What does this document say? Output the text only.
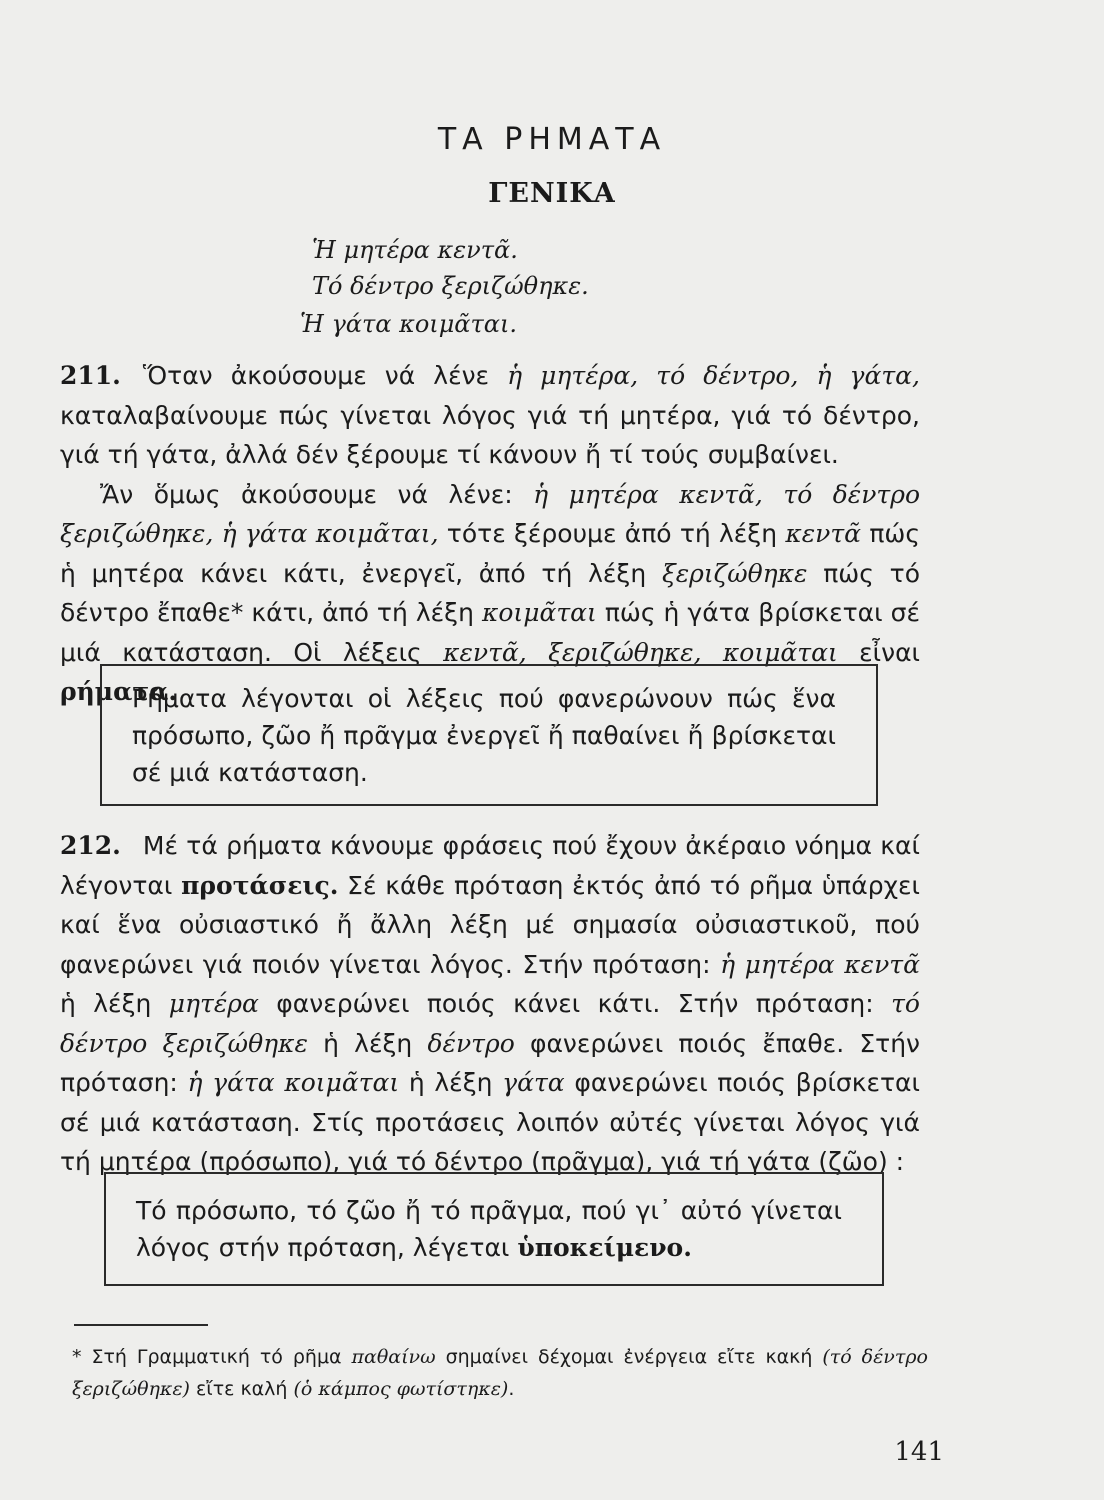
ΤΑ ΡΗΜΑΤΑ
ΓΕΝΙΚΑ
Ἡ μητέρα κεντᾶ.
Τό δέντρο ξεριζώθηκε.
Ἡ γάτα κοιμᾶται.

211. Ὅταν ἀκούσουμε νά λένε ἡ μητέρα, τό δέντρο, ἡ γάτα, καταλαβαίνουμε πώς γίνεται λόγος γιά τή μητέρα, γιά τό δέντρο, γιά τή γάτα, ἀλλά δέν ξέρουμε τί κάνουν ἤ τί τούς συμβαίνει.

Ἄν ὅμως ἀκούσουμε νά λένε: ἡ μητέρα κεντᾶ, τό δέντρο ξεριζώθηκε, ἡ γάτα κοιμᾶται, τότε ξέρουμε ἀπό τή λέξη κεντᾶ πώς ἡ μητέρα κάνει κάτι, ἐνεργεῖ, ἀπό τή λέξη ξεριζώθηκε πώς τό δέντρο ἔπαθε* κάτι, ἀπό τή λέξη κοιμᾶται πώς ἡ γάτα βρίσκεται σέ μιά κατάσταση. Οἱ λέξεις κεντᾶ, ξεριζώθηκε, κοιμᾶται εἶναι ρήματα.

Ρήματα λέγονται οἱ λέξεις πού φανερώνουν πώς ἕνα πρόσωπο, ζῶο ἤ πρᾶγμα ἐνεργεῖ ἤ παθαίνει ἤ βρίσκεται σέ μιά κατάσταση.

212. Μέ τά ρήματα κάνουμε φράσεις πού ἔχουν ἀκέραιο νόημα καί λέγονται προτάσεις. Σέ κάθε πρόταση ἐκτός ἀπό τό ρῆμα ὑπάρχει καί ἕνα οὐσιαστικό ἤ ἄλλη λέξη μέ σημασία οὐσιαστικοῦ, πού φανερώνει γιά ποιόν γίνεται λόγος. Στήν πρόταση: ἡ μητέρα κεντᾶ ἡ λέξη μητέρα φανερώνει ποιός κάνει κάτι. Στήν πρόταση: τό δέντρο ξεριζώθηκε ἡ λέξη δέντρο φανερώνει ποιός ἔπαθε. Στήν πρόταση: ἡ γάτα κοιμᾶται ἡ λέξη γάτα φανερώνει ποιός βρίσκεται σέ μιά κατάσταση. Στίς προτάσεις λοιπόν αὐτές γίνεται λόγος γιά τή μητέρα (πρόσωπο), γιά τό δέντρο (πρᾶγμα), γιά τή γάτα (ζῶο) :

Τό πρόσωπο, τό ζῶο ἤ τό πρᾶγμα, πού γι᾽ αὐτό γίνεται λόγος στήν πρόταση, λέγεται ὑποκείμενο.
* Στή Γραμματική τό ρῆμα παθαίνω σημαίνει δέχομαι ἐνέργεια εἴτε κακή (τό δέντρο ξεριζώθηκε) εἴτε καλή (ὁ κάμπος φωτίστηκε).
141
